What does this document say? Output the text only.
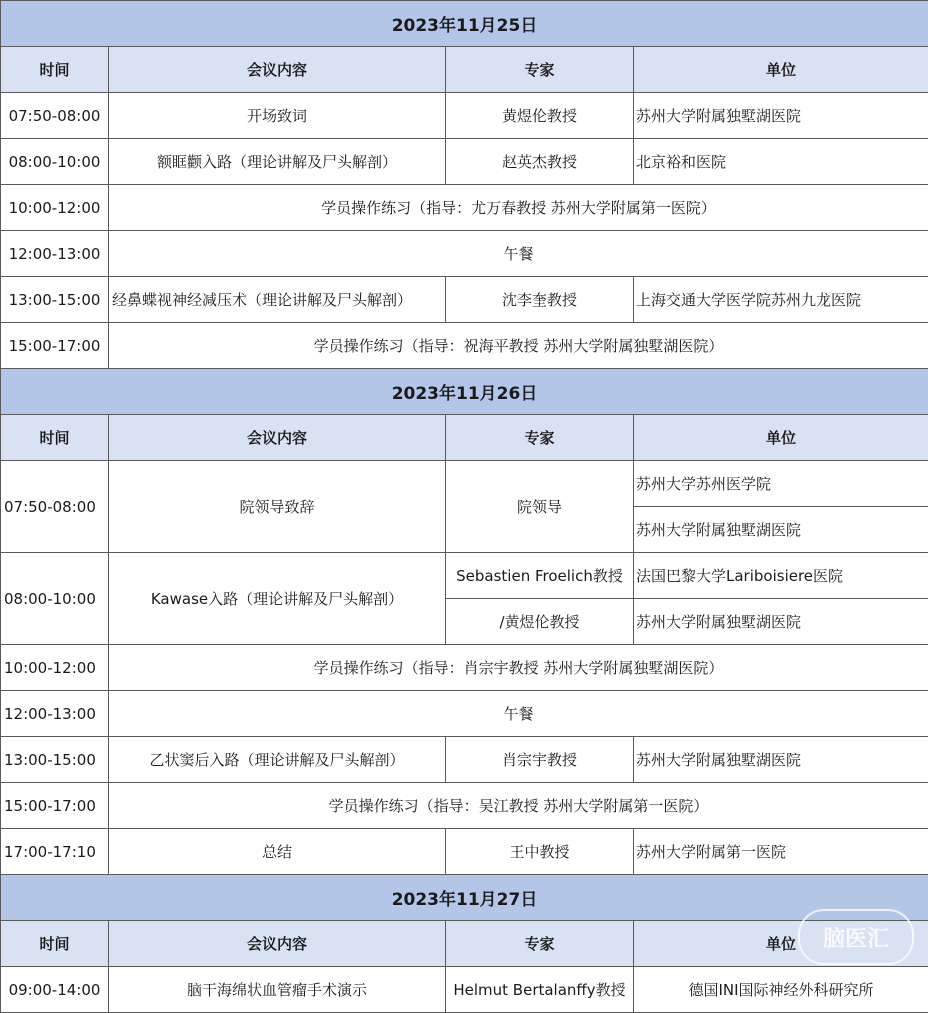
2023年11月25日			
时间	会议内容	专家	单位
07:50-08:00	开场致词	黄煜伦教授	苏州大学附属独墅湖医院
08:00-10:00	额眶颧入路（理论讲解及尸头解剖）	赵英杰教授	北京裕和医院
10:00-12:00	学员操作练习（指导：尤万春教授 苏州大学附属第一医院）		
12:00-13:00	午餐		
13:00-15:00	经鼻蝶视神经减压术（理论讲解及尸头解剖）	沈李奎教授	上海交通大学医学院苏州九龙医院
15:00-17:00	学员操作练习（指导：祝海平教授 苏州大学附属独墅湖医院）		
2023年11月26日			
时间	会议内容	专家	单位
07:50-08:00	院领导致辞	院领导	苏州大学苏州医学院
			苏州大学附属独墅湖医院
08:00-10:00	Kawase入路（理论讲解及尸头解剖）	Sebastien Froelich教授	法国巴黎大学Lariboisiere医院
		/黄煜伦教授	苏州大学附属独墅湖医院
10:00-12:00	学员操作练习（指导：肖宗宇教授 苏州大学附属独墅湖医院）		
12:00-13:00	午餐		
13:00-15:00	乙状窦后入路（理论讲解及尸头解剖）	肖宗宇教授	苏州大学附属独墅湖医院
15:00-17:00	学员操作练习（指导：吴江教授 苏州大学附属第一医院）		
17:00-17:10	总结	王中教授	苏州大学附属第一医院
2023年11月27日			
时间	会议内容	专家	单位
09:00-14:00	脑干海绵状血管瘤手术演示	Helmut Bertalanffy教授	德国INI国际神经外科研究所
脑医汇
